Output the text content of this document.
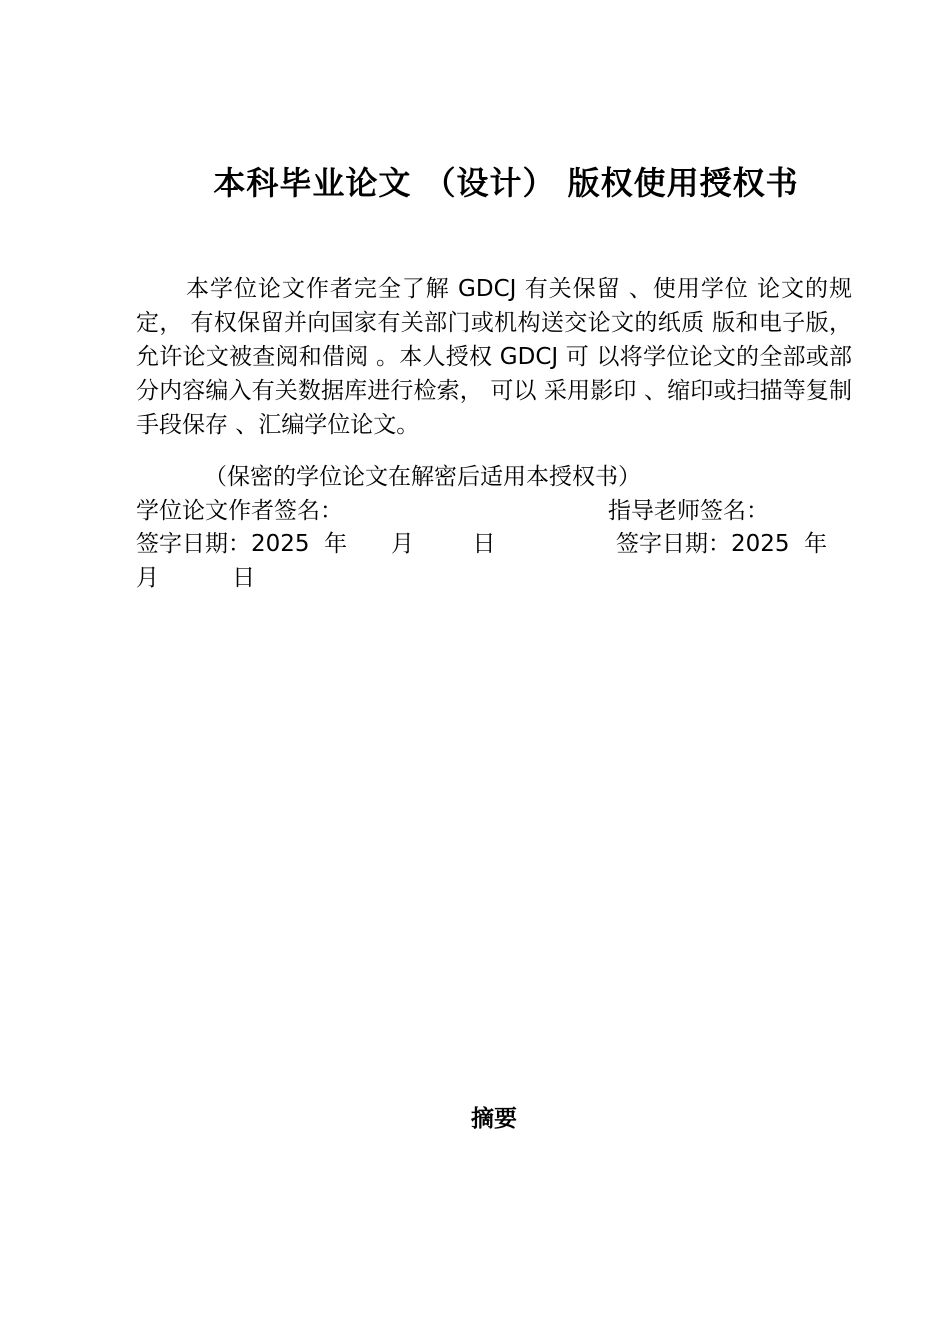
本科毕业论文 （设计） 版权使用授权书

本学位论文作者完全了解 GDCJ 有关保留 、使用学位 论文的规定， 有权保留并向国家有关部门或机构送交论文的纸质 版和电子版， 允许论文被查阅和借阅 。本人授权 GDCJ 可 以将学位论文的全部或部分内容编入有关数据库进行检索， 可以 采用影印 、缩印或扫描等复制手段保存 、汇编学位论文。

（保密的学位论文在解密后适用本授权书）
学位论文作者签名：	指导老师签名：
签字日期：2025  年      月        日	签字日期：2025  年
月          日
摘要
